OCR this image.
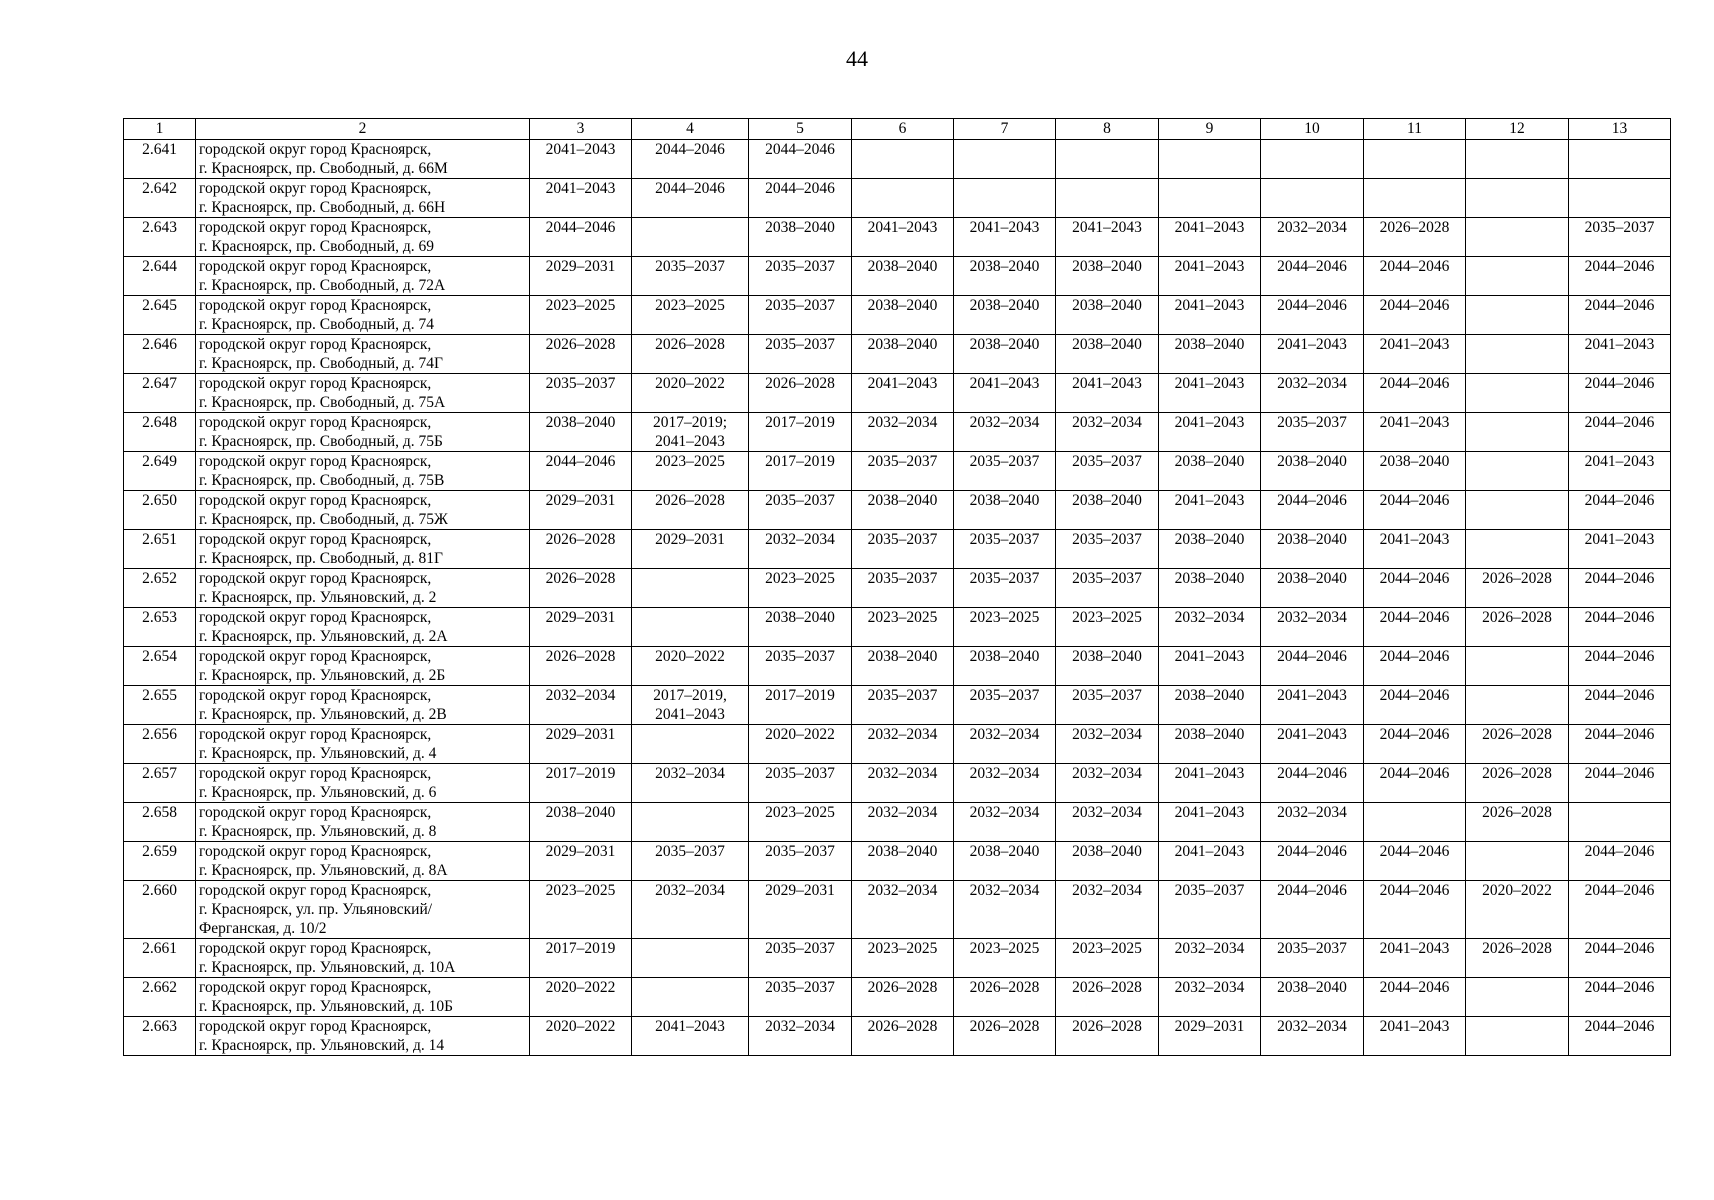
44
1	2	3	4	5	6	7	8	9	10	11	12	13
2.641	городской округ город Красноярск,
г. Красноярск, пр. Свободный, д. 66М	2041–2043	2044–2046	2044–2046								
2.642	городской округ город Красноярск,
г. Красноярск, пр. Свободный, д. 66Н	2041–2043	2044–2046	2044–2046								
2.643	городской округ город Красноярск,
г. Красноярск, пр. Свободный, д. 69	2044–2046		2038–2040	2041–2043	2041–2043	2041–2043	2041–2043	2032–2034	2026–2028		2035–2037
2.644	городской округ город Красноярск,
г. Красноярск, пр. Свободный, д. 72А	2029–2031	2035–2037	2035–2037	2038–2040	2038–2040	2038–2040	2041–2043	2044–2046	2044–2046		2044–2046
2.645	городской округ город Красноярск,
г. Красноярск, пр. Свободный, д. 74	2023–2025	2023–2025	2035–2037	2038–2040	2038–2040	2038–2040	2041–2043	2044–2046	2044–2046		2044–2046
2.646	городской округ город Красноярск,
г. Красноярск, пр. Свободный, д. 74Г	2026–2028	2026–2028	2035–2037	2038–2040	2038–2040	2038–2040	2038–2040	2041–2043	2041–2043		2041–2043
2.647	городской округ город Красноярск,
г. Красноярск, пр. Свободный, д. 75А	2035–2037	2020–2022	2026–2028	2041–2043	2041–2043	2041–2043	2041–2043	2032–2034	2044–2046		2044–2046
2.648	городской округ город Красноярск,
г. Красноярск, пр. Свободный, д. 75Б	2038–2040	2017–2019;
2041–2043	2017–2019	2032–2034	2032–2034	2032–2034	2041–2043	2035–2037	2041–2043		2044–2046
2.649	городской округ город Красноярск,
г. Красноярск, пр. Свободный, д. 75В	2044–2046	2023–2025	2017–2019	2035–2037	2035–2037	2035–2037	2038–2040	2038–2040	2038–2040		2041–2043
2.650	городской округ город Красноярск,
г. Красноярск, пр. Свободный, д. 75Ж	2029–2031	2026–2028	2035–2037	2038–2040	2038–2040	2038–2040	2041–2043	2044–2046	2044–2046		2044–2046
2.651	городской округ город Красноярск,
г. Красноярск, пр. Свободный, д. 81Г	2026–2028	2029–2031	2032–2034	2035–2037	2035–2037	2035–2037	2038–2040	2038–2040	2041–2043		2041–2043
2.652	городской округ город Красноярск,
г. Красноярск, пр. Ульяновский, д. 2	2026–2028		2023–2025	2035–2037	2035–2037	2035–2037	2038–2040	2038–2040	2044–2046	2026–2028	2044–2046
2.653	городской округ город Красноярск,
г. Красноярск, пр. Ульяновский, д. 2А	2029–2031		2038–2040	2023–2025	2023–2025	2023–2025	2032–2034	2032–2034	2044–2046	2026–2028	2044–2046
2.654	городской округ город Красноярск,
г. Красноярск, пр. Ульяновский, д. 2Б	2026–2028	2020–2022	2035–2037	2038–2040	2038–2040	2038–2040	2041–2043	2044–2046	2044–2046		2044–2046
2.655	городской округ город Красноярск,
г. Красноярск, пр. Ульяновский, д. 2В	2032–2034	2017–2019,
2041–2043	2017–2019	2035–2037	2035–2037	2035–2037	2038–2040	2041–2043	2044–2046		2044–2046
2.656	городской округ город Красноярск,
г. Красноярск, пр. Ульяновский, д. 4	2029–2031		2020–2022	2032–2034	2032–2034	2032–2034	2038–2040	2041–2043	2044–2046	2026–2028	2044–2046
2.657	городской округ город Красноярск,
г. Красноярск, пр. Ульяновский, д. 6	2017–2019	2032–2034	2035–2037	2032–2034	2032–2034	2032–2034	2041–2043	2044–2046	2044–2046	2026–2028	2044–2046
2.658	городской округ город Красноярск,
г. Красноярск, пр. Ульяновский, д. 8	2038–2040		2023–2025	2032–2034	2032–2034	2032–2034	2041–2043	2032–2034		2026–2028	
2.659	городской округ город Красноярск,
г. Красноярск, пр. Ульяновский, д. 8А	2029–2031	2035–2037	2035–2037	2038–2040	2038–2040	2038–2040	2041–2043	2044–2046	2044–2046		2044–2046
2.660	городской округ город Красноярск,
г. Красноярск, ул. пр. Ульяновский/
Ферганская, д. 10/2	2023–2025	2032–2034	2029–2031	2032–2034	2032–2034	2032–2034	2035–2037	2044–2046	2044–2046	2020–2022	2044–2046
2.661	городской округ город Красноярск,
г. Красноярск, пр. Ульяновский, д. 10А	2017–2019		2035–2037	2023–2025	2023–2025	2023–2025	2032–2034	2035–2037	2041–2043	2026–2028	2044–2046
2.662	городской округ город Красноярск,
г. Красноярск, пр. Ульяновский, д. 10Б	2020–2022		2035–2037	2026–2028	2026–2028	2026–2028	2032–2034	2038–2040	2044–2046		2044–2046
2.663	городской округ город Красноярск,
г. Красноярск, пр. Ульяновский, д. 14	2020–2022	2041–2043	2032–2034	2026–2028	2026–2028	2026–2028	2029–2031	2032–2034	2041–2043		2044–2046
